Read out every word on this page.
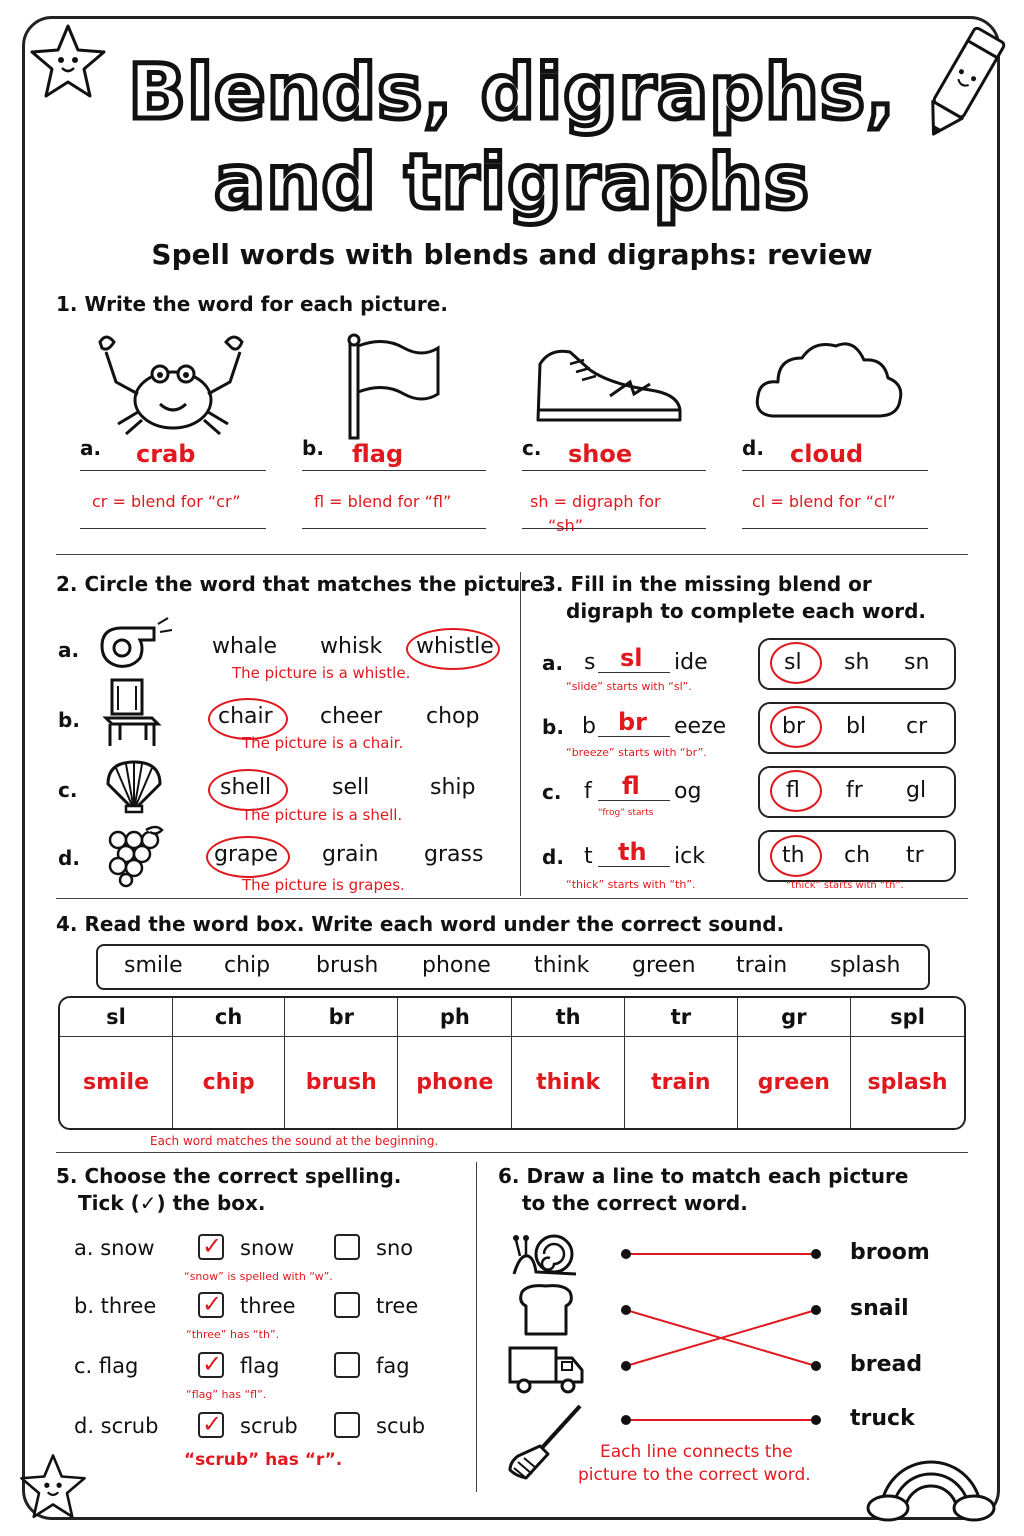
Blends, digraphs,
and trigraphs
Spell words with blends and digraphs: review
1. Write the word for each picture.
a. crab
cr = blend for “cr”
b. flag
fl = blend for “fl”
c. shoe
sh = digraph for
“sh”
d. cloud
cl = blend for “cl”
2. Circle the word that matches the picture.
a.	whale whisk whistle
The picture is a whistle.
b.	chair cheer chop
The picture is a chair.
c.	shell	sell	ship
The picture is a shell.
d.	grape grain grass
The picture is grapes.
3. Fill in the missing blend or
digraph to complete each word.
a. s sl ide
“slide” starts with “sl”.
sl sh sn
b. b br eeze
“breeze” starts with “br”.
br bl cr
c. f fl og
“frog” starts
fl fr gl
d. t th ick
“thick” starts with “th”.
th ch tr
“thick” starts with “th”.
4. Read the word box. Write each word under the correct sound.
smile chip brush phone think green train splash
sl	ch	br	ph	th	tr	gr	spl
smile	chip	brush	phone	think	train	green	splash
Each word matches the sound at the beginning.
5. Choose the correct spelling.
Tick (✓) the box.
a. snow ✓ snow	sno
“snow” is spelled with “w”.
b. three ✓ three	tree
“three” has “th”.
c. flag	✓ flag	fag
“flag” has “fl”.
d. scrub ✓ scrub	scub
“scrub” has “r”.
6. Draw a line to match each picture
to the correct word.
broom
snail
bread
truck
Each line connects the
picture to the correct word.
